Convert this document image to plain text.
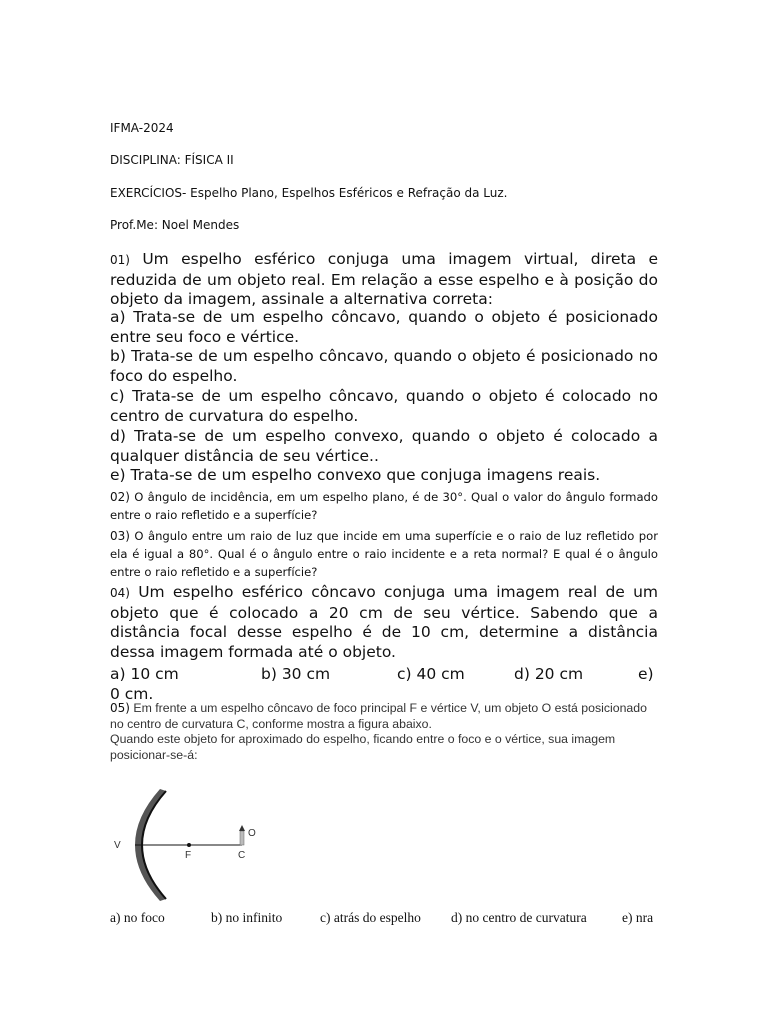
IFMA-2024
DISCIPLINA: FÍSICA II
EXERCÍCIOS- Espelho Plano, Espelhos Esféricos e Refração da Luz.
Prof.Me: Noel Mendes
01) Um espelho esférico conjuga uma imagem virtual, direta e reduzida de um objeto real. Em relação a esse espelho e à posição do objeto da imagem, assinale a alternativa correta:
a) Trata-se de um espelho côncavo, quando o objeto é posicionado entre seu foco e vértice.
b) Trata-se de um espelho côncavo, quando o objeto é posicionado no foco do espelho.
c) Trata-se de um espelho côncavo, quando o objeto é colocado no centro de curvatura do espelho.
d) Trata-se de um espelho convexo, quando o objeto é colocado a qualquer distância de seu vértice..
e) Trata-se de um espelho convexo que conjuga imagens reais.
02) O ângulo de incidência, em um espelho plano, é de 30°. Qual o valor do ângulo formado entre o raio refletido e a superfície?
03) O ângulo entre um raio de luz que incide em uma superfície e o raio de luz refletido por ela é igual a 80°. Qual é o ângulo entre o raio incidente e a reta normal? E qual é o ângulo entre o raio refletido e a superfície?
04) Um espelho esférico côncavo conjuga uma imagem real de um objeto que é colocado a 20 cm de seu vértice. Sabendo que a distância focal desse espelho é de 10 cm, determine a distância dessa imagem formada até o objeto.
a) 10 cm	b) 30 cm	c) 40 cm	d) 20 cm	e)
0 cm.
05) Em frente a um espelho côncavo de foco principal F e vértice V, um objeto O está posicionado no centro de curvatura C, conforme mostra a figura abaixo.
Quando este objeto for aproximado do espelho, ficando entre o foco e o vértice, sua imagem posicionar-se-á:
a) no foco	b) no infinito	c) atrás do espelho d) no centro de curvatura	e) nra
V
F	C
O
